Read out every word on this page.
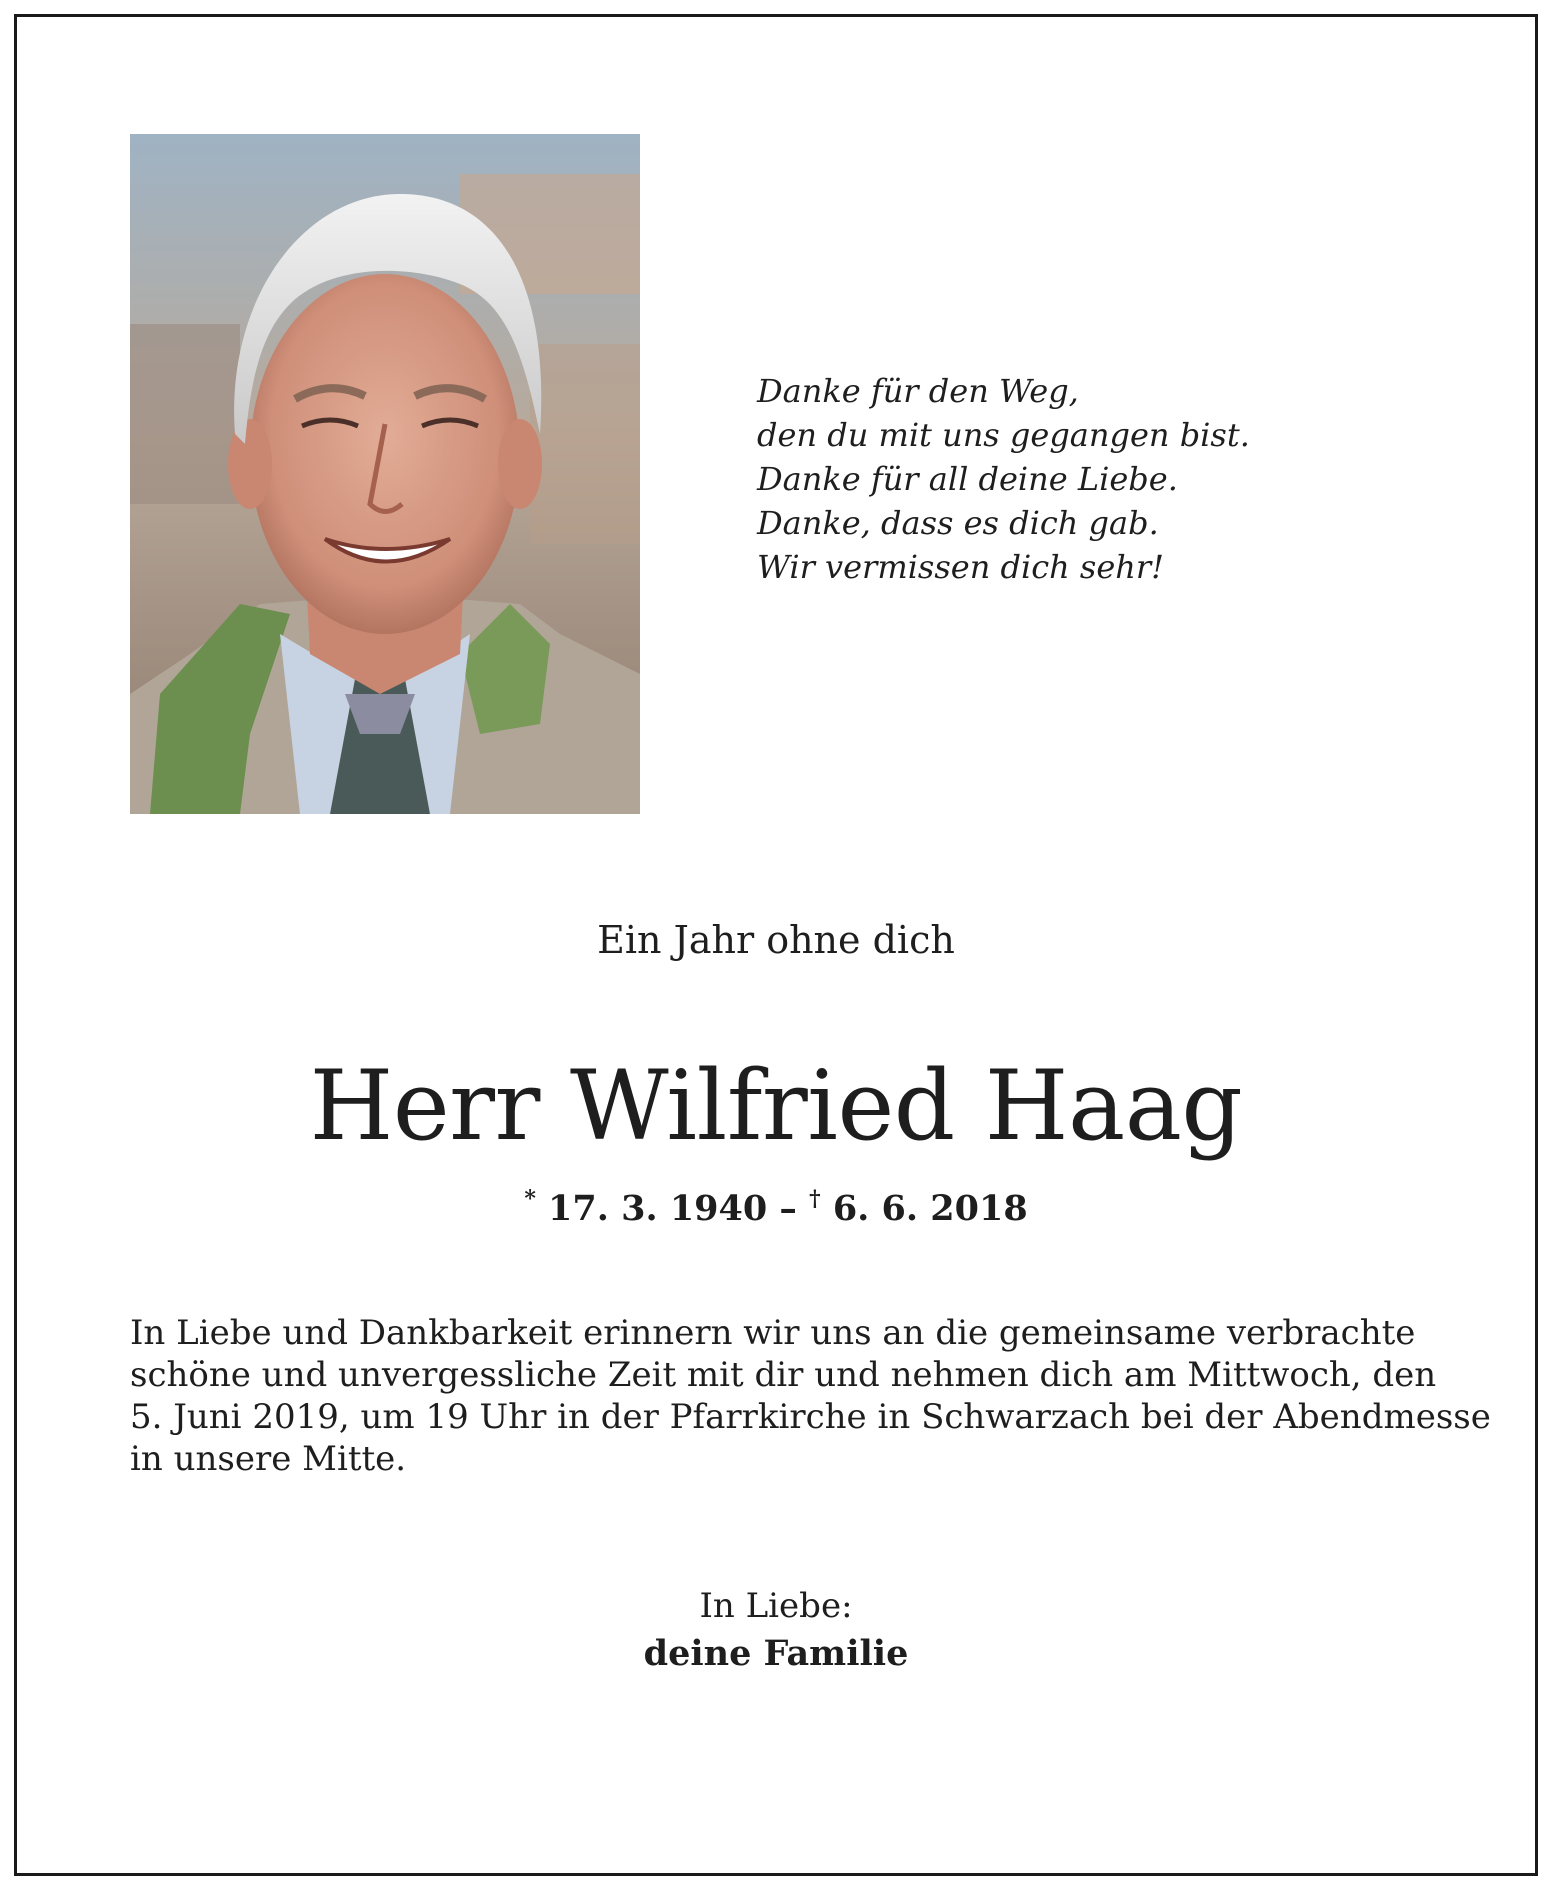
Danke für den Weg,
den du mit uns gegangen bist.
Danke für all deine Liebe.
Danke, dass es dich gab.
Wir vermissen dich sehr!
Ein Jahr ohne dich
Herr Wilfried Haag
* 17. 3. 1940 – † 6. 6. 2018
In Liebe und Dankbarkeit erinnern wir uns an die gemeinsame verbrachte
schöne und unvergessliche Zeit mit dir und nehmen dich am Mittwoch, den
5. Juni 2019, um 19 Uhr in der Pfarrkirche in Schwarzach bei der Abendmesse
in unsere Mitte.
In Liebe:
deine Familie
